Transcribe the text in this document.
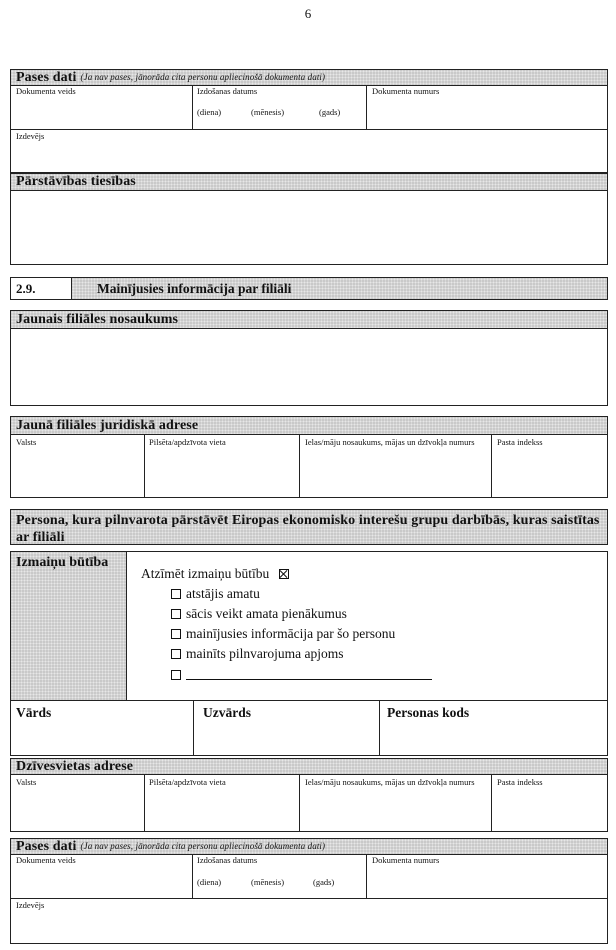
6
Pases dati (Ja nav pases, jānorāda cita personu apliecinošā dokumenta dati)
Dokumenta veids	Izdošanas datums
(diena)	(mēnesis)	(gads)
Dokumenta numurs
Izdevējs
Pārstāvības tiesības
2.9.	Mainījusies informācija par filiāli
Jaunais filiāles nosaukums
Jaunā filiāles juridiskā adrese
Valsts	Pilsēta/apdzīvota vieta	Ielas/māju nosaukums, mājas un dzīvokļa numurs	Pasta indekss
Persona, kura pilnvarota pārstāvēt Eiropas ekonomisko interešu grupu darbībās, kuras saistītas ar filiāli
Izmaiņu būtība
Atzīmēt izmaiņu būtību
atstājis amatu
sācis veikt amata pienākumus
mainījusies informācija par šo personu
mainīts pilnvarojuma apjoms
Vārds	Uzvārds	Personas kods
Dzīvesvietas adrese
Valsts	Pilsēta/apdzīvota vieta	Ielas/māju nosaukums, mājas un dzīvokļa numurs	Pasta indekss
Pases dati (Ja nav pases, jānorāda cita personu apliecinošā dokumenta dati)
Dokumenta veids	Izdošanas datums
(diena)	(mēnesis)	(gads)
Dokumenta numurs
Izdevējs
